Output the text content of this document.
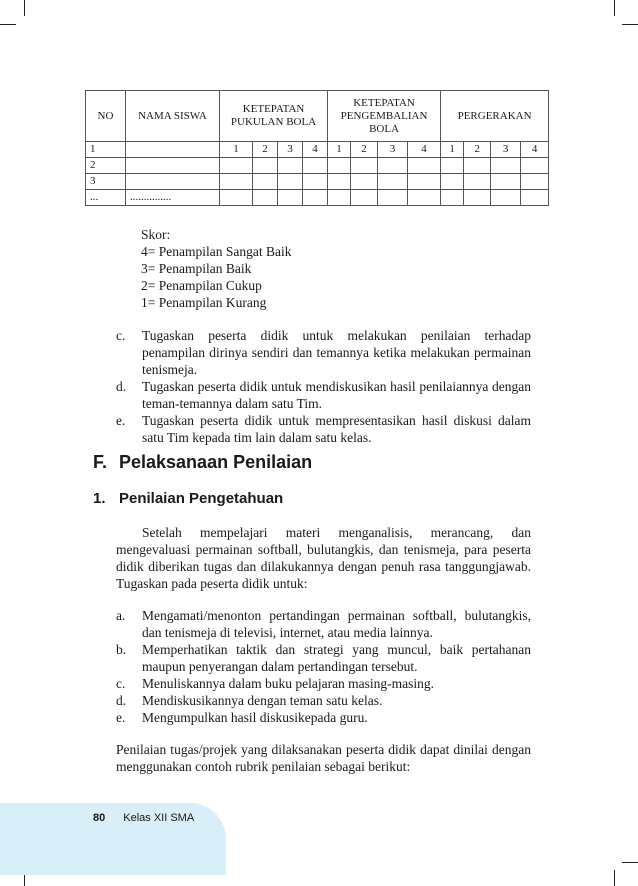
NO	NAMA SISWA	KETEPATAN PUKULAN BOLA				KETEPATAN PENGEMBALIAN BOLA				PERGERAKAN			
1		1	2	3	4	1	2	3	4	1	2	3	4
2													
3													
...	...............												
Skor:
4= Penampilan Sangat Baik
3= Penampilan Baik
2= Penampilan Cukup
1= Penampilan Kurang
c. Tugaskan peserta didik untuk melakukan penilaian terhadap penampilan dirinya sendiri dan temannya ketika melakukan permainan tenismeja.
d. Tugaskan peserta didik untuk mendiskusikan hasil penilaiannya dengan teman-temannya dalam satu Tim.
e. Tugaskan peserta didik untuk mempresentasikan hasil diskusi dalam satu Tim kepada tim lain dalam satu kelas.
F. Pelaksanaan Penilaian
1. Penilaian Pengetahuan
Setelah mempelajari materi menganalisis, merancang, dan mengevaluasi permainan softball, bulutangkis, dan tenismeja, para peserta didik diberikan tugas dan dilakukannya dengan penuh rasa tanggungjawab. Tugaskan pada peserta didik untuk:
a. Mengamati/menonton pertandingan permainan softball, bulutangkis, dan tenismeja di televisi, internet, atau media lainnya.
b. Memperhatikan taktik dan strategi yang muncul, baik pertahanan maupun penyerangan dalam pertandingan tersebut.
c. Menuliskannya dalam buku pelajaran masing-masing.
d. Mendiskusikannya dengan teman satu kelas.
e. Mengumpulkan hasil diskusikepada guru.
Penilaian tugas/projek yang dilaksanakan peserta didik dapat dinilai dengan menggunakan contoh rubrik penilaian sebagai berikut:
80 Kelas XII SMA
